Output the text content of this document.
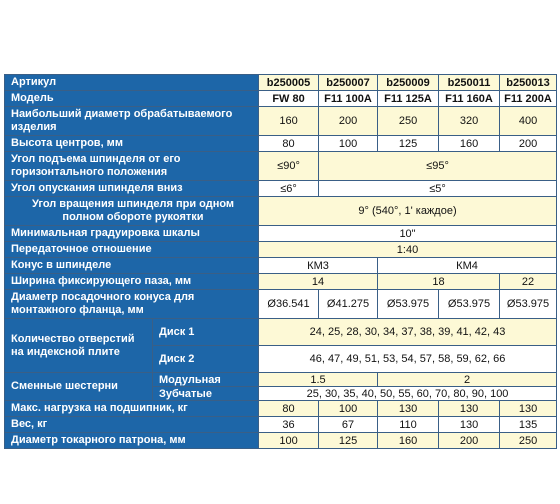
Артикул		b250005	b250007	b250009	b250011	b250013
Модель		FW 80	F11 100A	F11 125A	F11 160A	F11 200A
Наибольший диаметр обрабатываемого изделия		160	200	250	320	400
Высота центров, мм		80	100	125	160	200
Угол подъема шпинделя от его горизонтального положения		≤90°	≤95°			
Угол опускания шпинделя вниз		≤6°	≤5°			
Угол вращения шпинделя при одном полном обороте рукоятки		9° (540°, 1' каждое)				
Минимальная градуировка шкалы		10"				
Передаточное отношение		1:40				
Конус в шпинделе		КМ3		КМ4		
Ширина фиксирующего паза, мм		14		18		22
Диаметр посадочного конуса для монтажного фланца, мм		Ø36.541	Ø41.275	Ø53.975	Ø53.975	Ø53.975
Количество отверстий на индексной плите	Диск 1	24, 25, 28, 30, 34, 37, 38, 39, 41, 42, 43				
	Диск 2	46, 47, 49, 51, 53, 54, 57, 58, 59, 62, 66				
Сменные шестерни	Модульная	1.5		2		
	Зубчатые	25, 30, 35, 40, 50, 55, 60, 70, 80, 90, 100				
Макс. нагрузка на подшипник, кг		80	100	130	130	130
Вес, кг		36	67	110	130	135
Диаметр токарного патрона, мм		100	125	160	200	250
